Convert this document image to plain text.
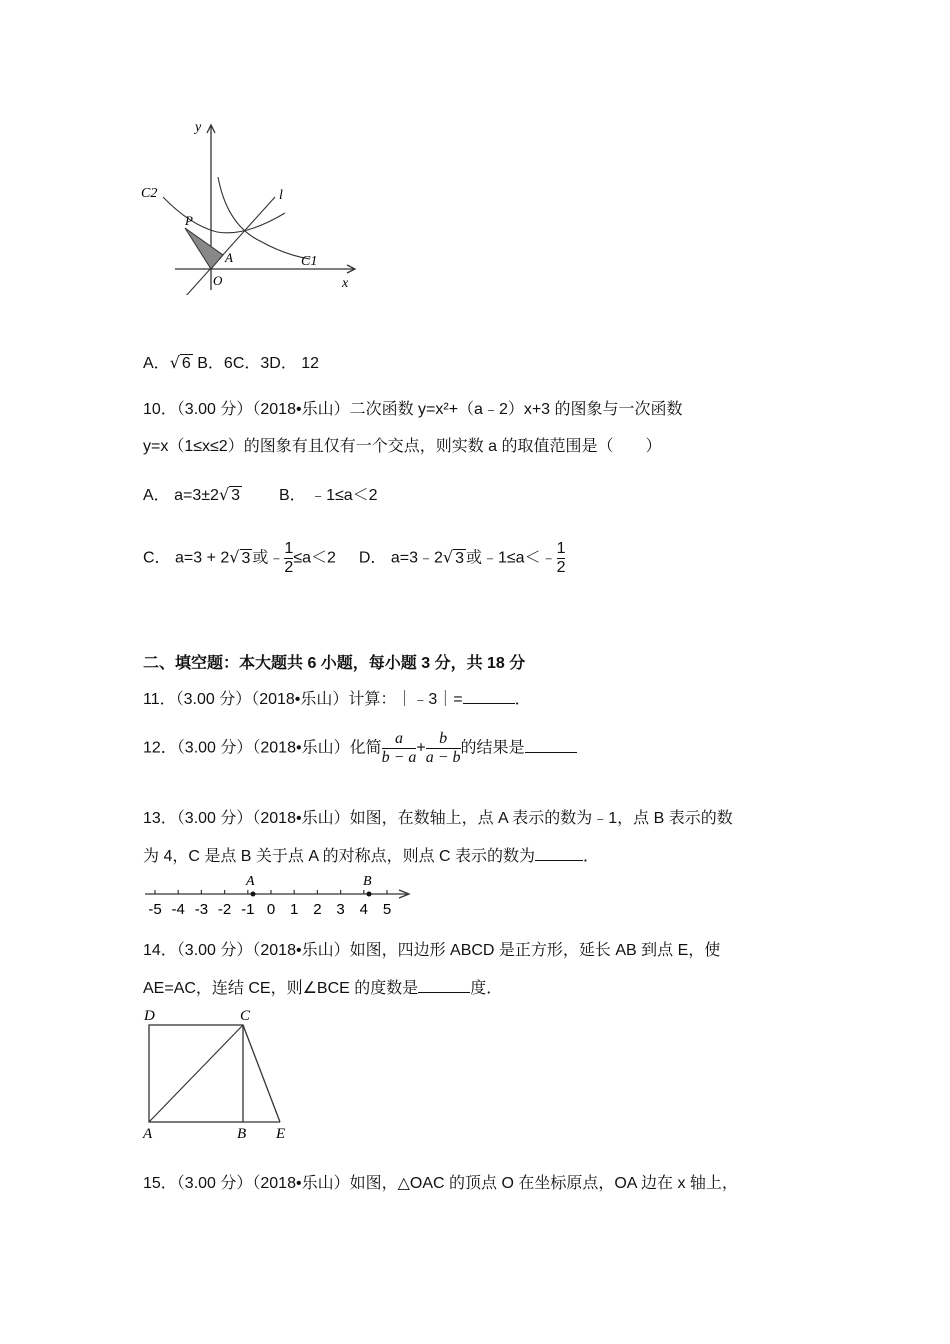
y
x
C2
C1
l
P
A
O
A．√ 6 B．6C．3D． 12
10．（3.00 分）（2018•乐山）二次函数 y=x²+（a﹣2）x+3 的图象与一次函数
y=x（1≤x≤2）的图象有且仅有一个交点，则实数 a 的取值范围是（　　）
A． a=3±2√ 3 B． ﹣1≤a＜2
C． a=3 + 2√ 3 或﹣ $\frac{1}{2} \le a<2$ D． a=3﹣2√ 3 或﹣1≤a＜﹣ $\frac{1}{2}$
二、填空题：本大题共 6 小题，每小题 3 分，共 18 分
11．（3.00 分）（2018•乐山）计算：｜﹣3｜=	．
12．（3.00 分）（2018•乐山）化简 $\frac{a}{b - a} + \frac{b}{a - b}$ 的结果是
13．（3.00 分）（2018•乐山）如图，在数轴上，点 A 表示的数为﹣1，点 B 表示的数
为 4，C 是点 B 关于点 A 的对称点，则点 C 表示的数为	．
-5 -4 -3 -2 -1 0 1 2 3 4 5
A	B
14．（3.00 分）（2018•乐山）如图，四边形 ABCD 是正方形，延长 AB 到点 E，使
AE=AC，连结 CE，则∠BCE 的度数是	度．
D	C
A	B E
15．（3.00 分）（2018•乐山）如图，△OAC 的顶点 O 在坐标原点，OA 边在 x 轴上，
